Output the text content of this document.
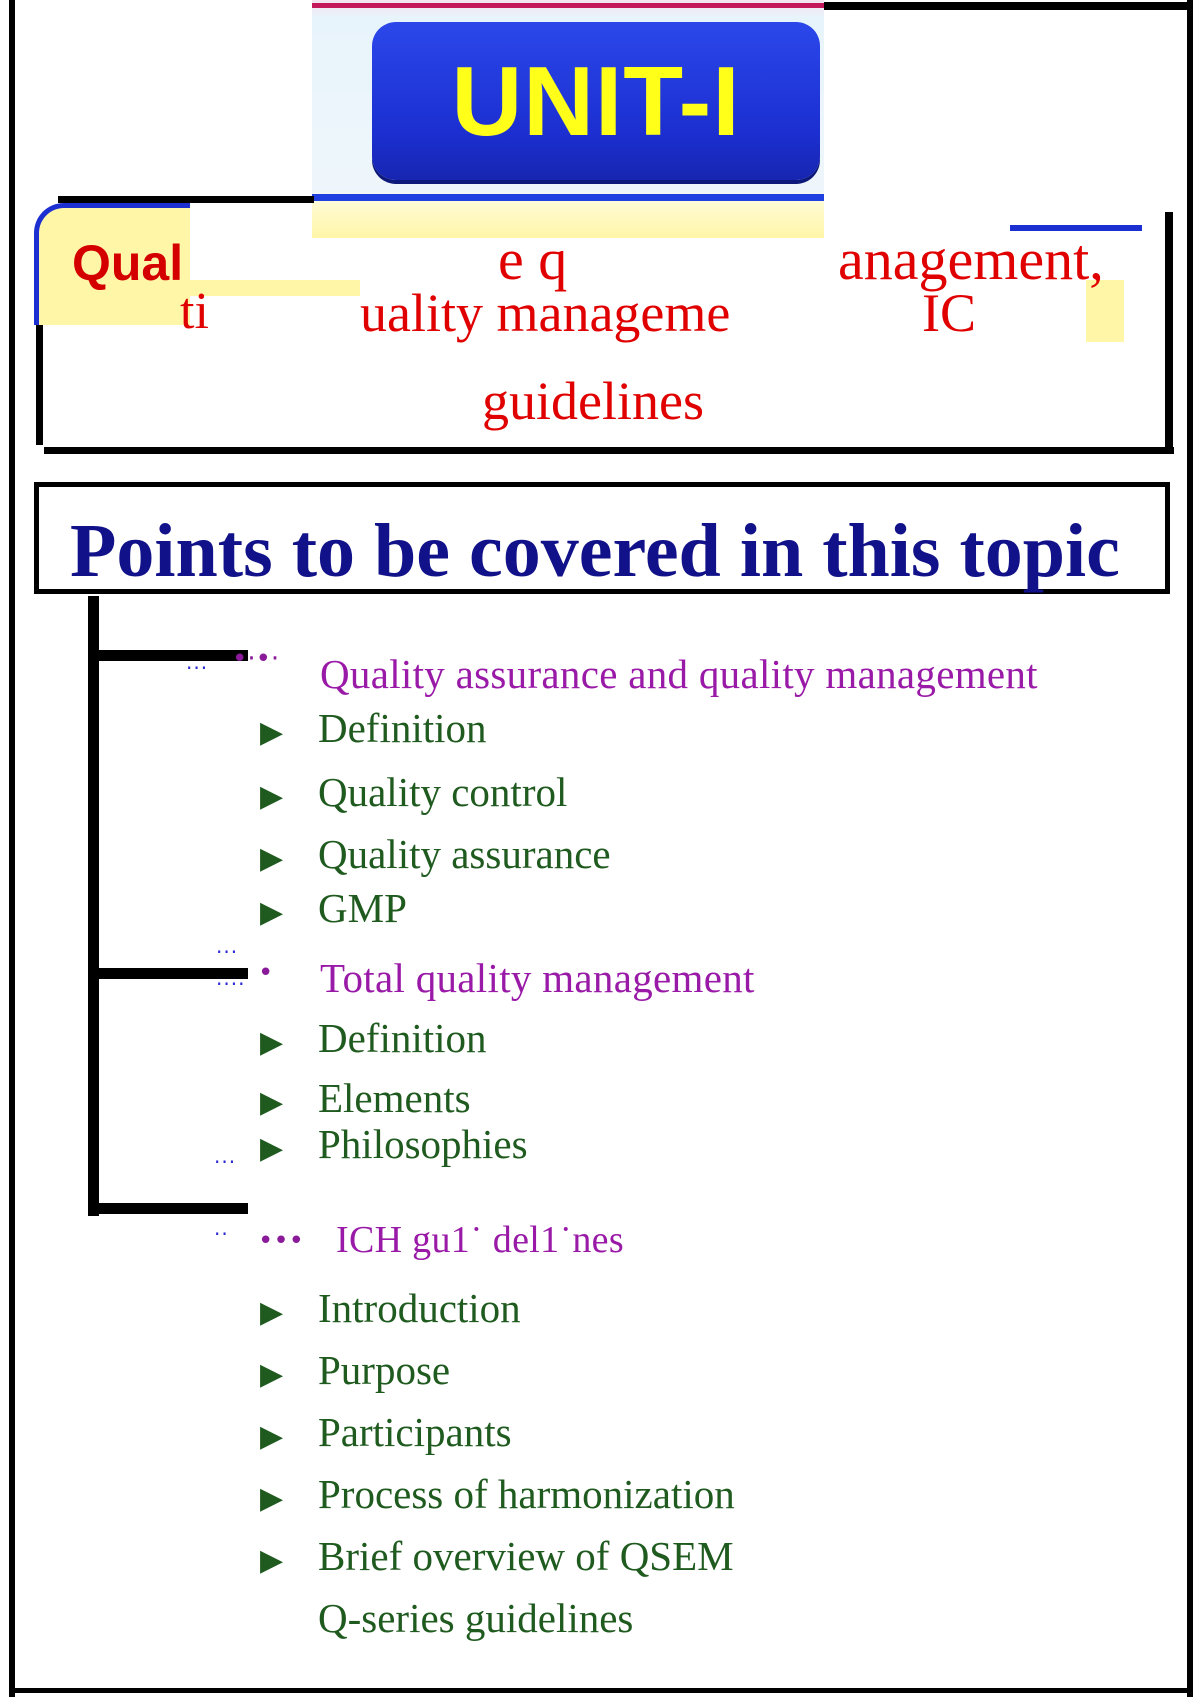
UNIT-I
Qual	e q	anagement,
ti	uality manageme	IC
guidelines
Points to be covered in this topic
··· •·•·
···
···· •
···
·· •••
Quality assurance and quality management
▶ Definition
▶ Quality control
▶ Quality assurance
▶ GMP
Total quality management
▶ Definition
▶ Elements
▶ Philosophies
ICH gu1˙ del1˙nes
▶ Introduction
▶ Purpose
▶ Participants
▶ Process of harmonization
▶ Brief overview of QSEM
Q-series guidelines
